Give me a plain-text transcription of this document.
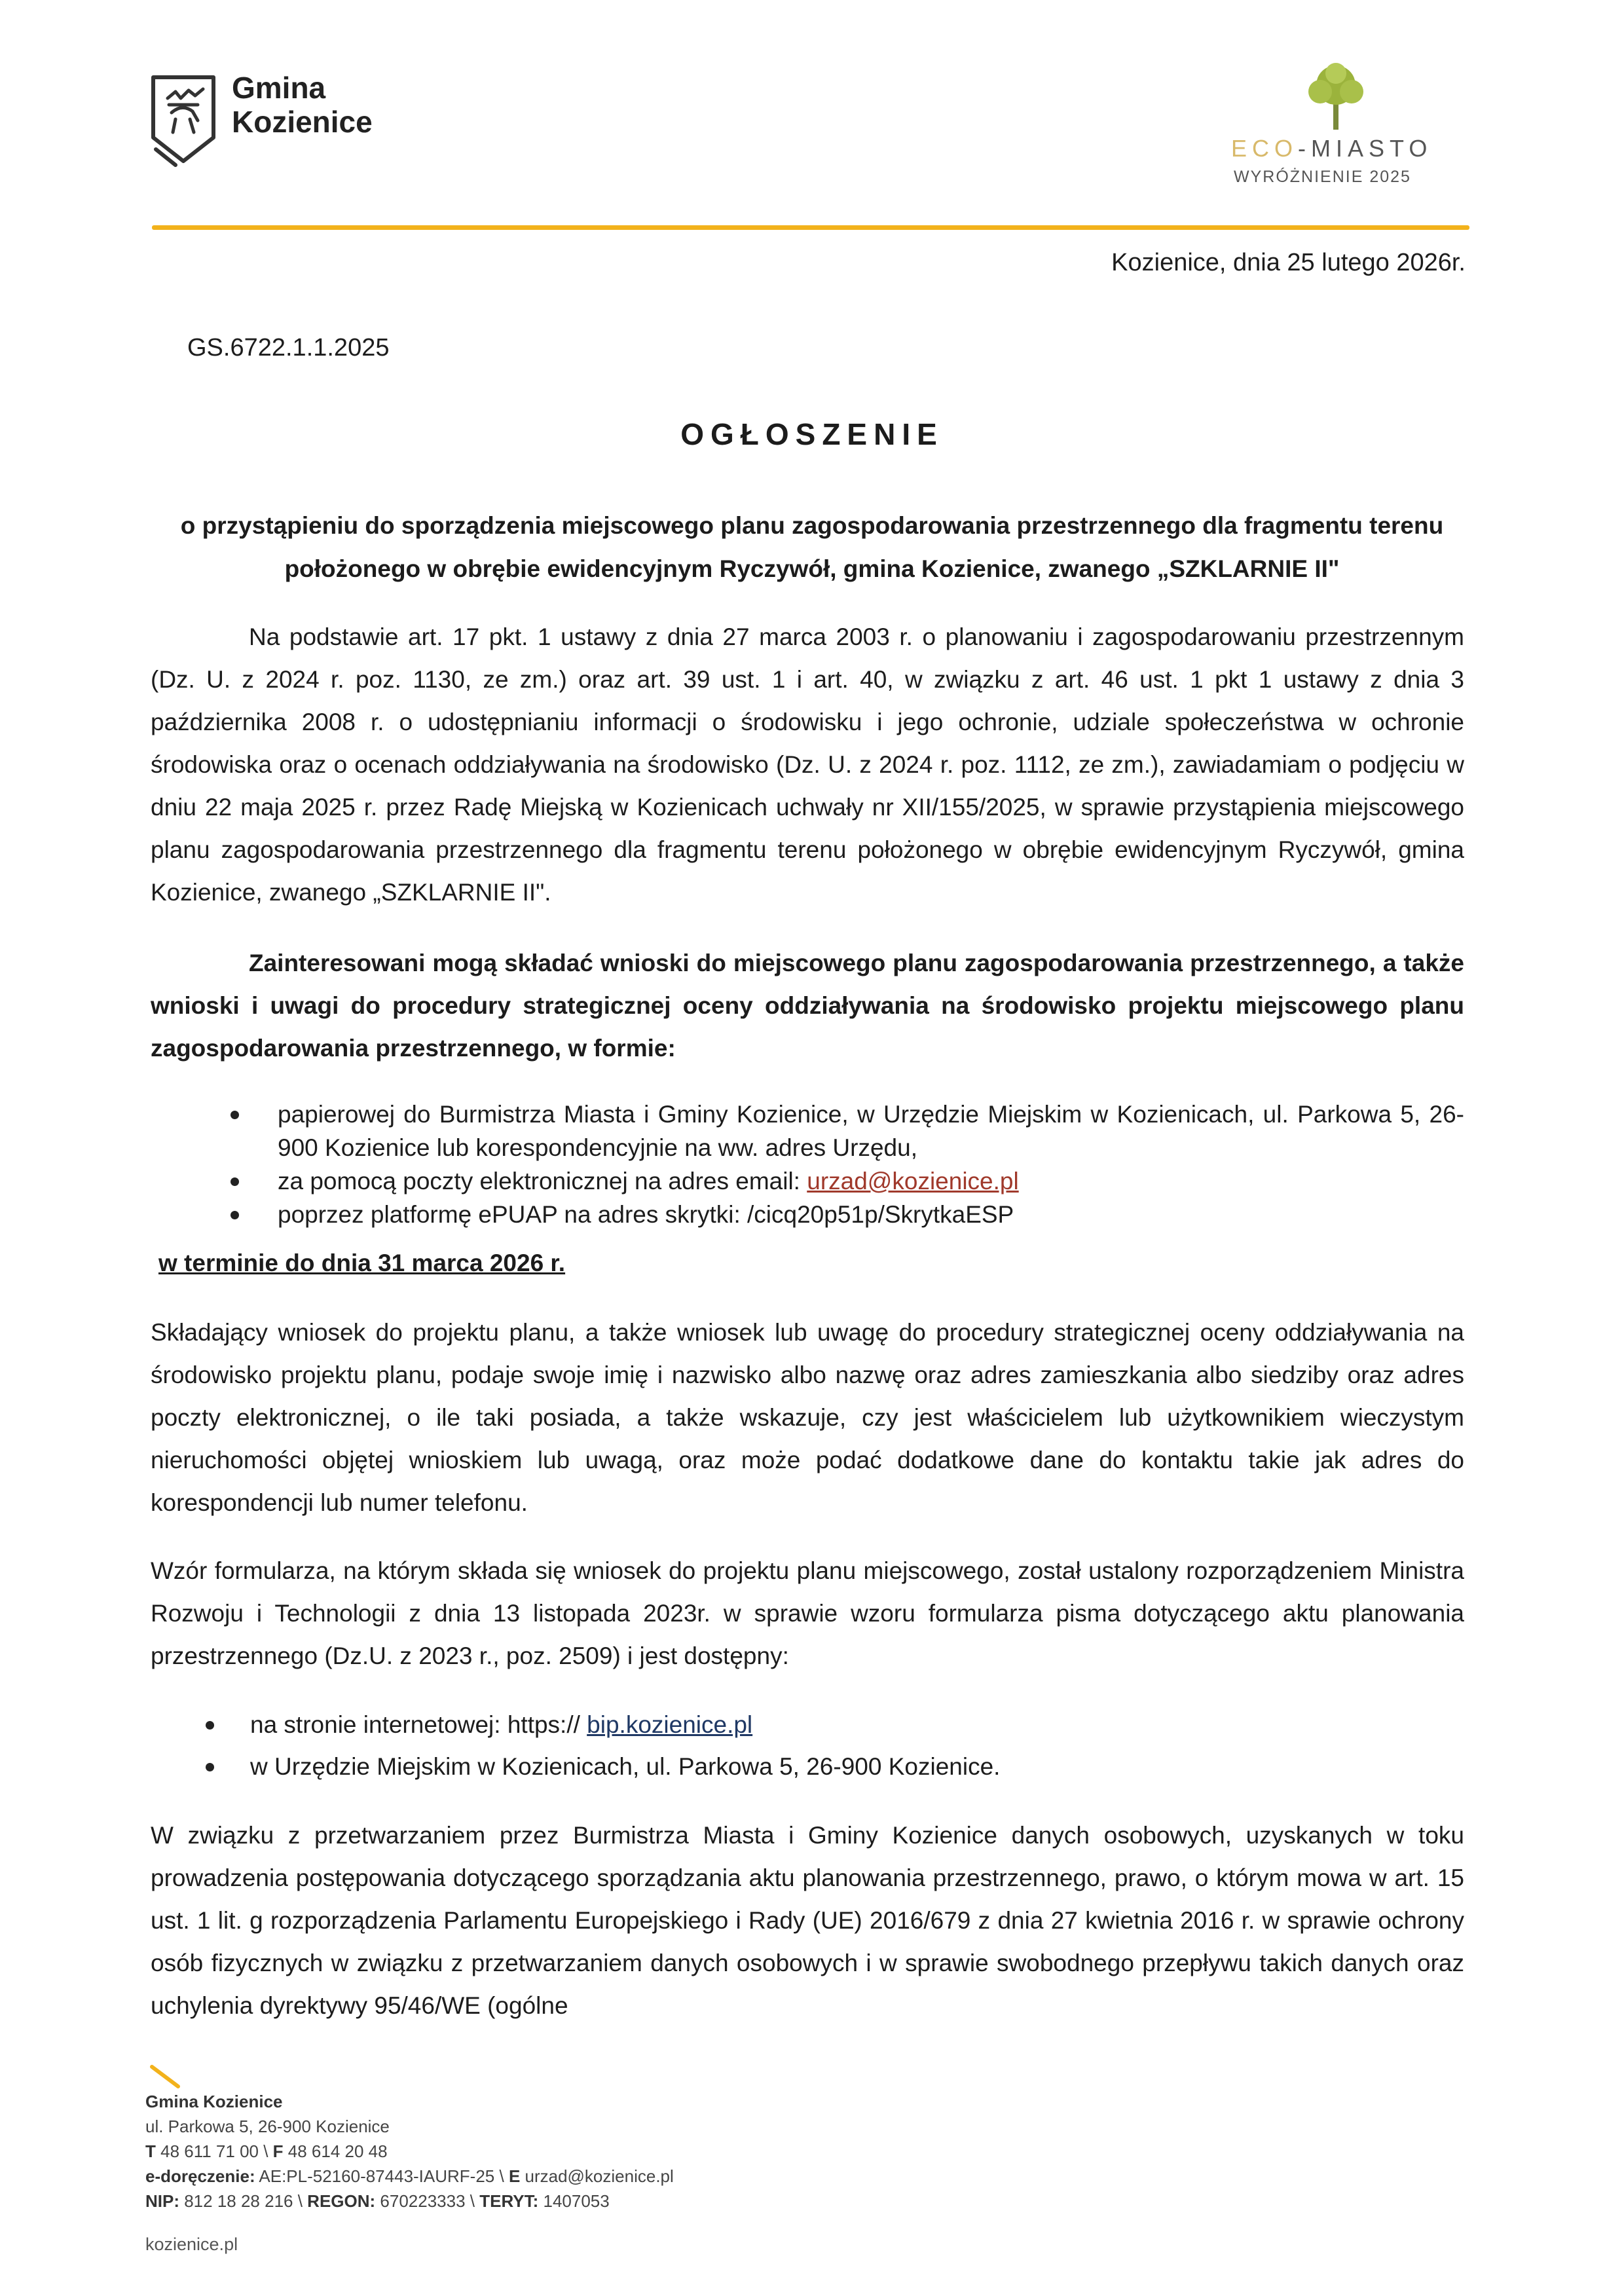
Gmina
Kozienice
ECO-MIASTO
WYRÓŻNIENIE 2025
Kozienice, dnia 25 lutego 2026r.
GS.6722.1.1.2025
OGŁOSZENIE
o przystąpieniu do sporządzenia miejscowego planu zagospodarowania przestrzennego dla fragmentu terenu położonego w obrębie ewidencyjnym Ryczywół, gmina Kozienice, zwanego „SZKLARNIE II"
Na podstawie art. 17 pkt. 1 ustawy z dnia 27 marca 2003 r. o planowaniu i zagospodarowaniu przestrzennym (Dz. U. z 2024 r. poz. 1130, ze zm.) oraz art. 39 ust. 1 i art. 40, w związku z art. 46 ust. 1 pkt 1 ustawy z dnia 3 października 2008 r. o udostępnianiu informacji o środowisku i jego ochronie, udziale społeczeństwa w ochronie środowiska oraz o ocenach oddziaływania na środowisko (Dz. U. z 2024 r. poz. 1112, ze zm.), zawiadamiam o podjęciu w dniu 22 maja 2025 r. przez Radę Miejską w Kozienicach uchwały nr XII/155/2025, w sprawie przystąpienia miejscowego planu zagospodarowania przestrzennego dla fragmentu terenu położonego w obrębie ewidencyjnym Ryczywół, gmina Kozienice, zwanego „SZKLARNIE II".
Zainteresowani mogą składać wnioski do miejscowego planu zagospodarowania przestrzennego, a także wnioski i uwagi do procedury strategicznej oceny oddziaływania na środowisko projektu miejscowego planu zagospodarowania przestrzennego, w formie:
papierowej do Burmistrza Miasta i Gminy Kozienice, w Urzędzie Miejskim w Kozienicach, ul. Parkowa 5, 26-900 Kozienice lub korespondencyjnie na ww. adres Urzędu,
za pomocą poczty elektronicznej na adres email: urzad@kozienice.pl
poprzez platformę ePUAP na adres skrytki: /cicq20p51p/SkrytkaESP
w terminie do dnia 31 marca 2026 r.
Składający wniosek do projektu planu, a także wniosek lub uwagę do procedury strategicznej oceny oddziaływania na środowisko projektu planu, podaje swoje imię i nazwisko albo nazwę oraz adres zamieszkania albo siedziby oraz adres poczty elektronicznej, o ile taki posiada, a także wskazuje, czy jest właścicielem lub użytkownikiem wieczystym nieruchomości objętej wnioskiem lub uwagą, oraz może podać dodatkowe dane do kontaktu takie jak adres do korespondencji lub numer telefonu.
Wzór formularza, na którym składa się wniosek do projektu planu miejscowego, został ustalony rozporządzeniem Ministra Rozwoju i Technologii z dnia 13 listopada 2023r. w sprawie wzoru formularza pisma dotyczącego aktu planowania przestrzennego (Dz.U. z 2023 r., poz. 2509) i jest dostępny:
na stronie internetowej: https:// bip.kozienice.pl
w Urzędzie Miejskim w Kozienicach, ul. Parkowa 5, 26-900 Kozienice.
W związku z przetwarzaniem przez Burmistrza Miasta i Gminy Kozienice danych osobowych, uzyskanych w toku prowadzenia postępowania dotyczącego sporządzania aktu planowania przestrzennego, prawo, o którym mowa w art. 15 ust. 1 lit. g rozporządzenia Parlamentu Europejskiego i Rady (UE) 2016/679 z dnia 27 kwietnia 2016 r. w sprawie ochrony osób fizycznych w związku z przetwarzaniem danych osobowych i w sprawie swobodnego przepływu takich danych oraz uchylenia dyrektywy 95/46/WE (ogólne
Gmina Kozienice
ul. Parkowa 5, 26-900 Kozienice
T 48 611 71 00 \ F 48 614 20 48
e-doręczenie: AE:PL-52160-87443-IAURF-25 \ E urzad@kozienice.pl
NIP: 812 18 28 216 \ REGON: 670223333 \ TERYT: 1407053
kozienice.pl
